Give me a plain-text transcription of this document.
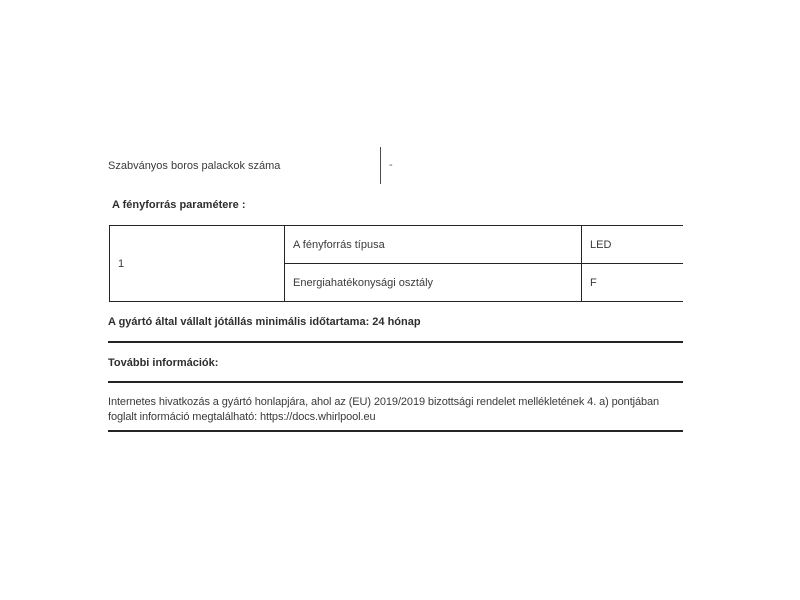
Szabványos boros palackok száma	-
A fényforrás paramétere :
1
A fényforrás típusa	LED
Energiahatékonysági osztály	F
A gyártó által vállalt jótállás minimális időtartama: 24 hónap
További információk:
Internetes hivatkozás a gyártó honlapjára, ahol az (EU) 2019/2019 bizottsági rendelet mellékletének 4. a) pontjában
foglalt információ megtalálható: https://docs.whirlpool.eu
